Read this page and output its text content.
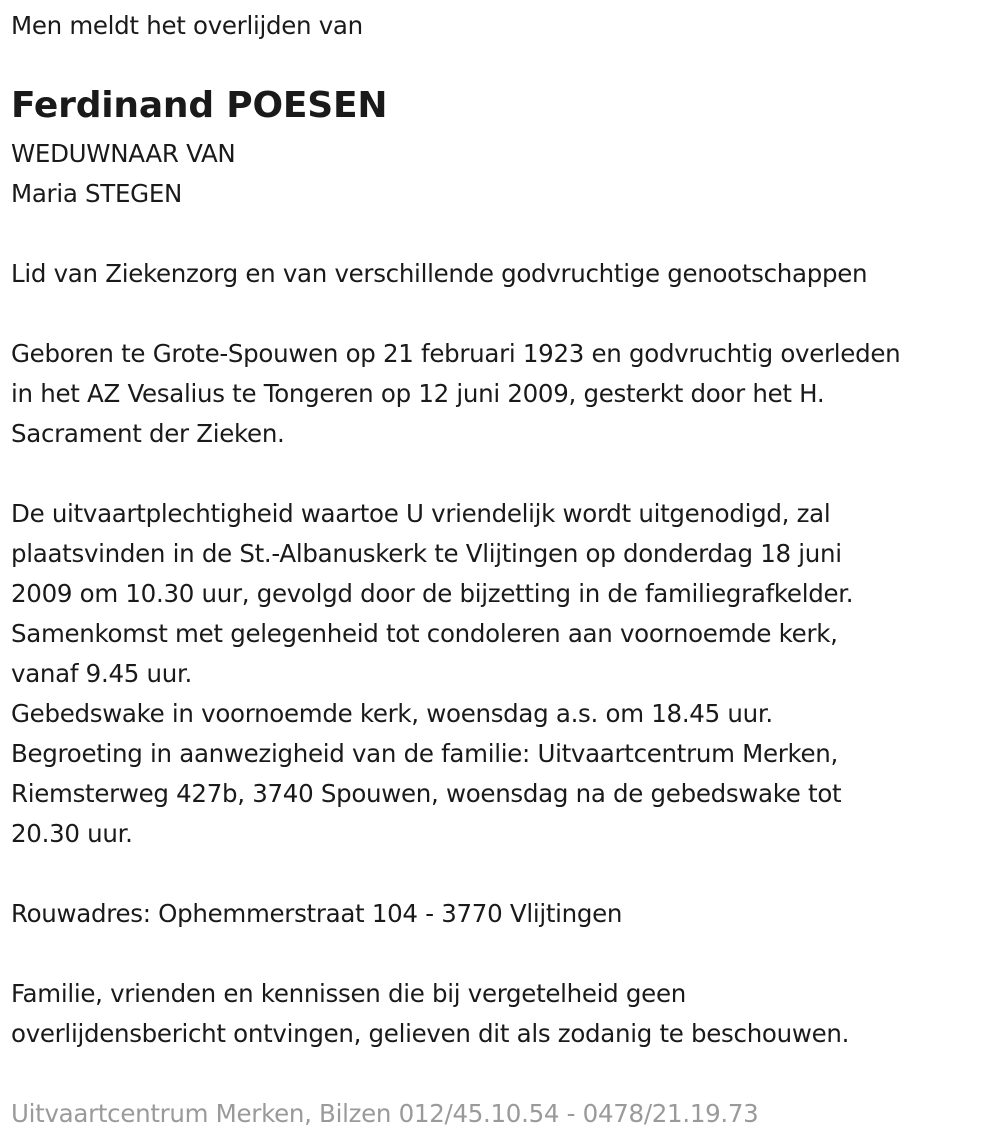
Men meldt het overlijden van
Ferdinand POESEN
WEDUWNAAR VAN
Maria STEGEN
Lid van Ziekenzorg en van verschillende godvruchtige genootschappen
Geboren te Grote-Spouwen op 21 februari 1923 en godvruchtig overleden
in het AZ Vesalius te Tongeren op 12 juni 2009, gesterkt door het H.
Sacrament der Zieken.
De uitvaartplechtigheid waartoe U vriendelijk wordt uitgenodigd, zal
plaatsvinden in de St.-Albanuskerk te Vlijtingen op donderdag 18 juni
2009 om 10.30 uur, gevolgd door de bijzetting in de familiegrafkelder.
Samenkomst met gelegenheid tot condoleren aan voornoemde kerk,
vanaf 9.45 uur.
Gebedswake in voornoemde kerk, woensdag a.s. om 18.45 uur.
Begroeting in aanwezigheid van de familie: Uitvaartcentrum Merken,
Riemsterweg 427b, 3740 Spouwen, woensdag na de gebedswake tot
20.30 uur.
Rouwadres: Ophemmerstraat 104 - 3770 Vlijtingen
Familie, vrienden en kennissen die bij vergetelheid geen
overlijdensbericht ontvingen, gelieven dit als zodanig te beschouwen.
Uitvaartcentrum Merken, Bilzen 012/45.10.54 - 0478/21.19.73
